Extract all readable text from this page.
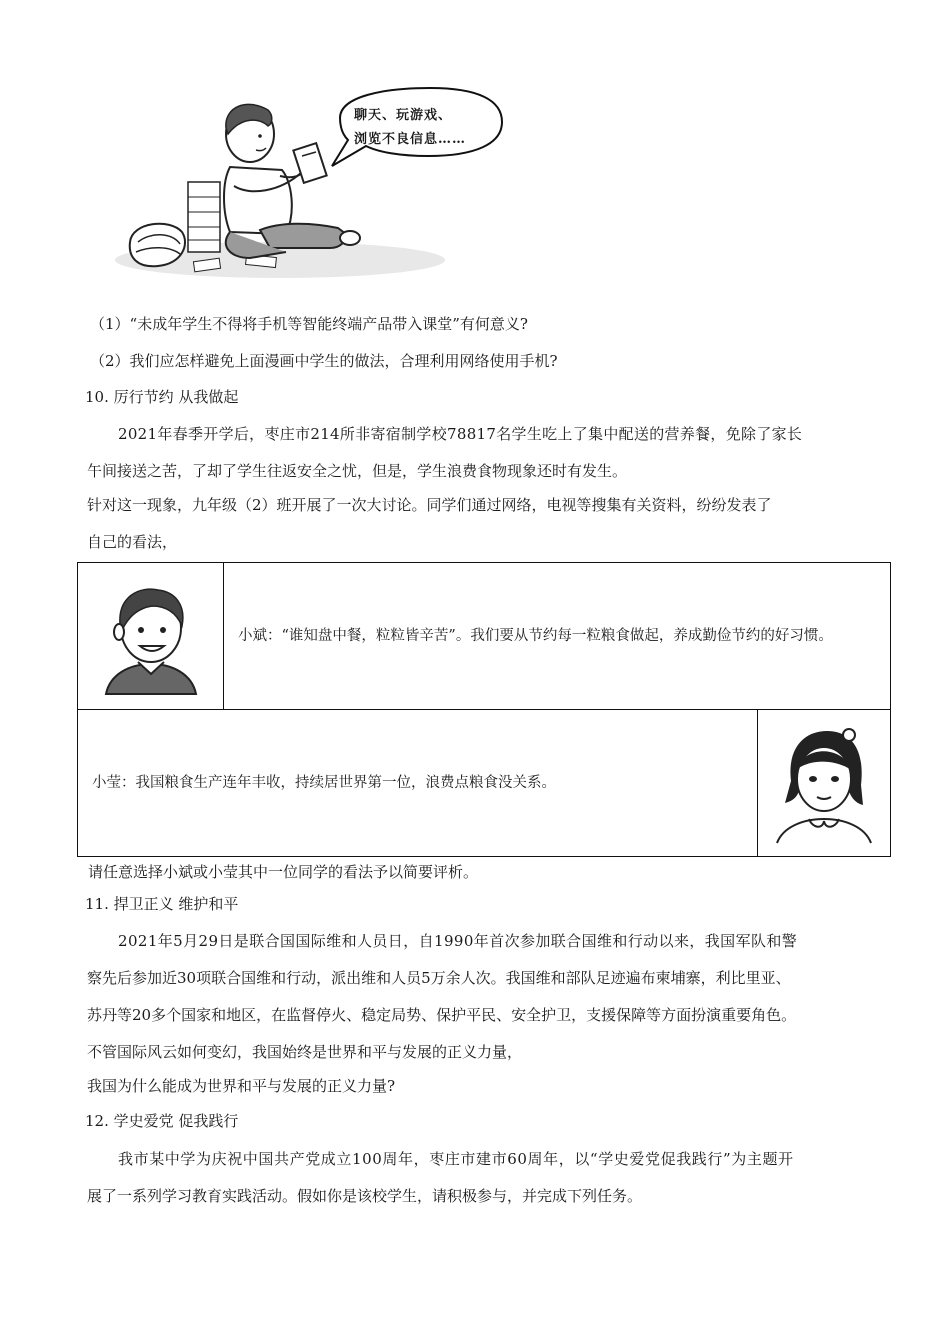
聊天、玩游戏、
浏览不良信息……
（1）“未成年学生不得将手机等智能终端产品带入课堂”有何意义?
（2）我们应怎样避免上面漫画中学生的做法，合理利用网络使用手机?
10. 厉行节约 从我做起
2021年春季开学后，枣庄市214所非寄宿制学校78817名学生吃上了集中配送的营养餐，免除了家长
午间接送之苦，了却了学生往返安全之忧，但是，学生浪费食物现象还时有发生。
针对这一现象，九年级（2）班开展了一次大讨论。同学们通过网络，电视等搜集有关资料，纷纷发表了
自己的看法，

小斌：“谁知盘中餐，粒粒皆辛苦”。我们要从节约每一粒粮食做起，养成勤俭节约的好习惯。	

小莹：我国粮食生产连年丰收，持续居世界第一位，浪费点粮食没关系。

请任意选择小斌或小莹其中一位同学的看法予以简要评析。
11. 捍卫正义 维护和平
2021年5月29日是联合国国际维和人员日，自1990年首次参加联合国维和行动以来，我国军队和警
察先后参加近30项联合国维和行动，派出维和人员5万余人次。我国维和部队足迹遍布柬埔寨，利比里亚、
苏丹等20多个国家和地区，在监督停火、稳定局势、保护平民、安全护卫，支援保障等方面扮演重要角色。
不管国际风云如何变幻，我国始终是世界和平与发展的正义力量，
我国为什么能成为世界和平与发展的正义力量?
12. 学史爱党 促我践行
我市某中学为庆祝中国共产党成立100周年，枣庄市建市60周年，以“学史爱党促我践行”为主题开
展了一系列学习教育实践活动。假如你是该校学生，请积极参与，并完成下列任务。
